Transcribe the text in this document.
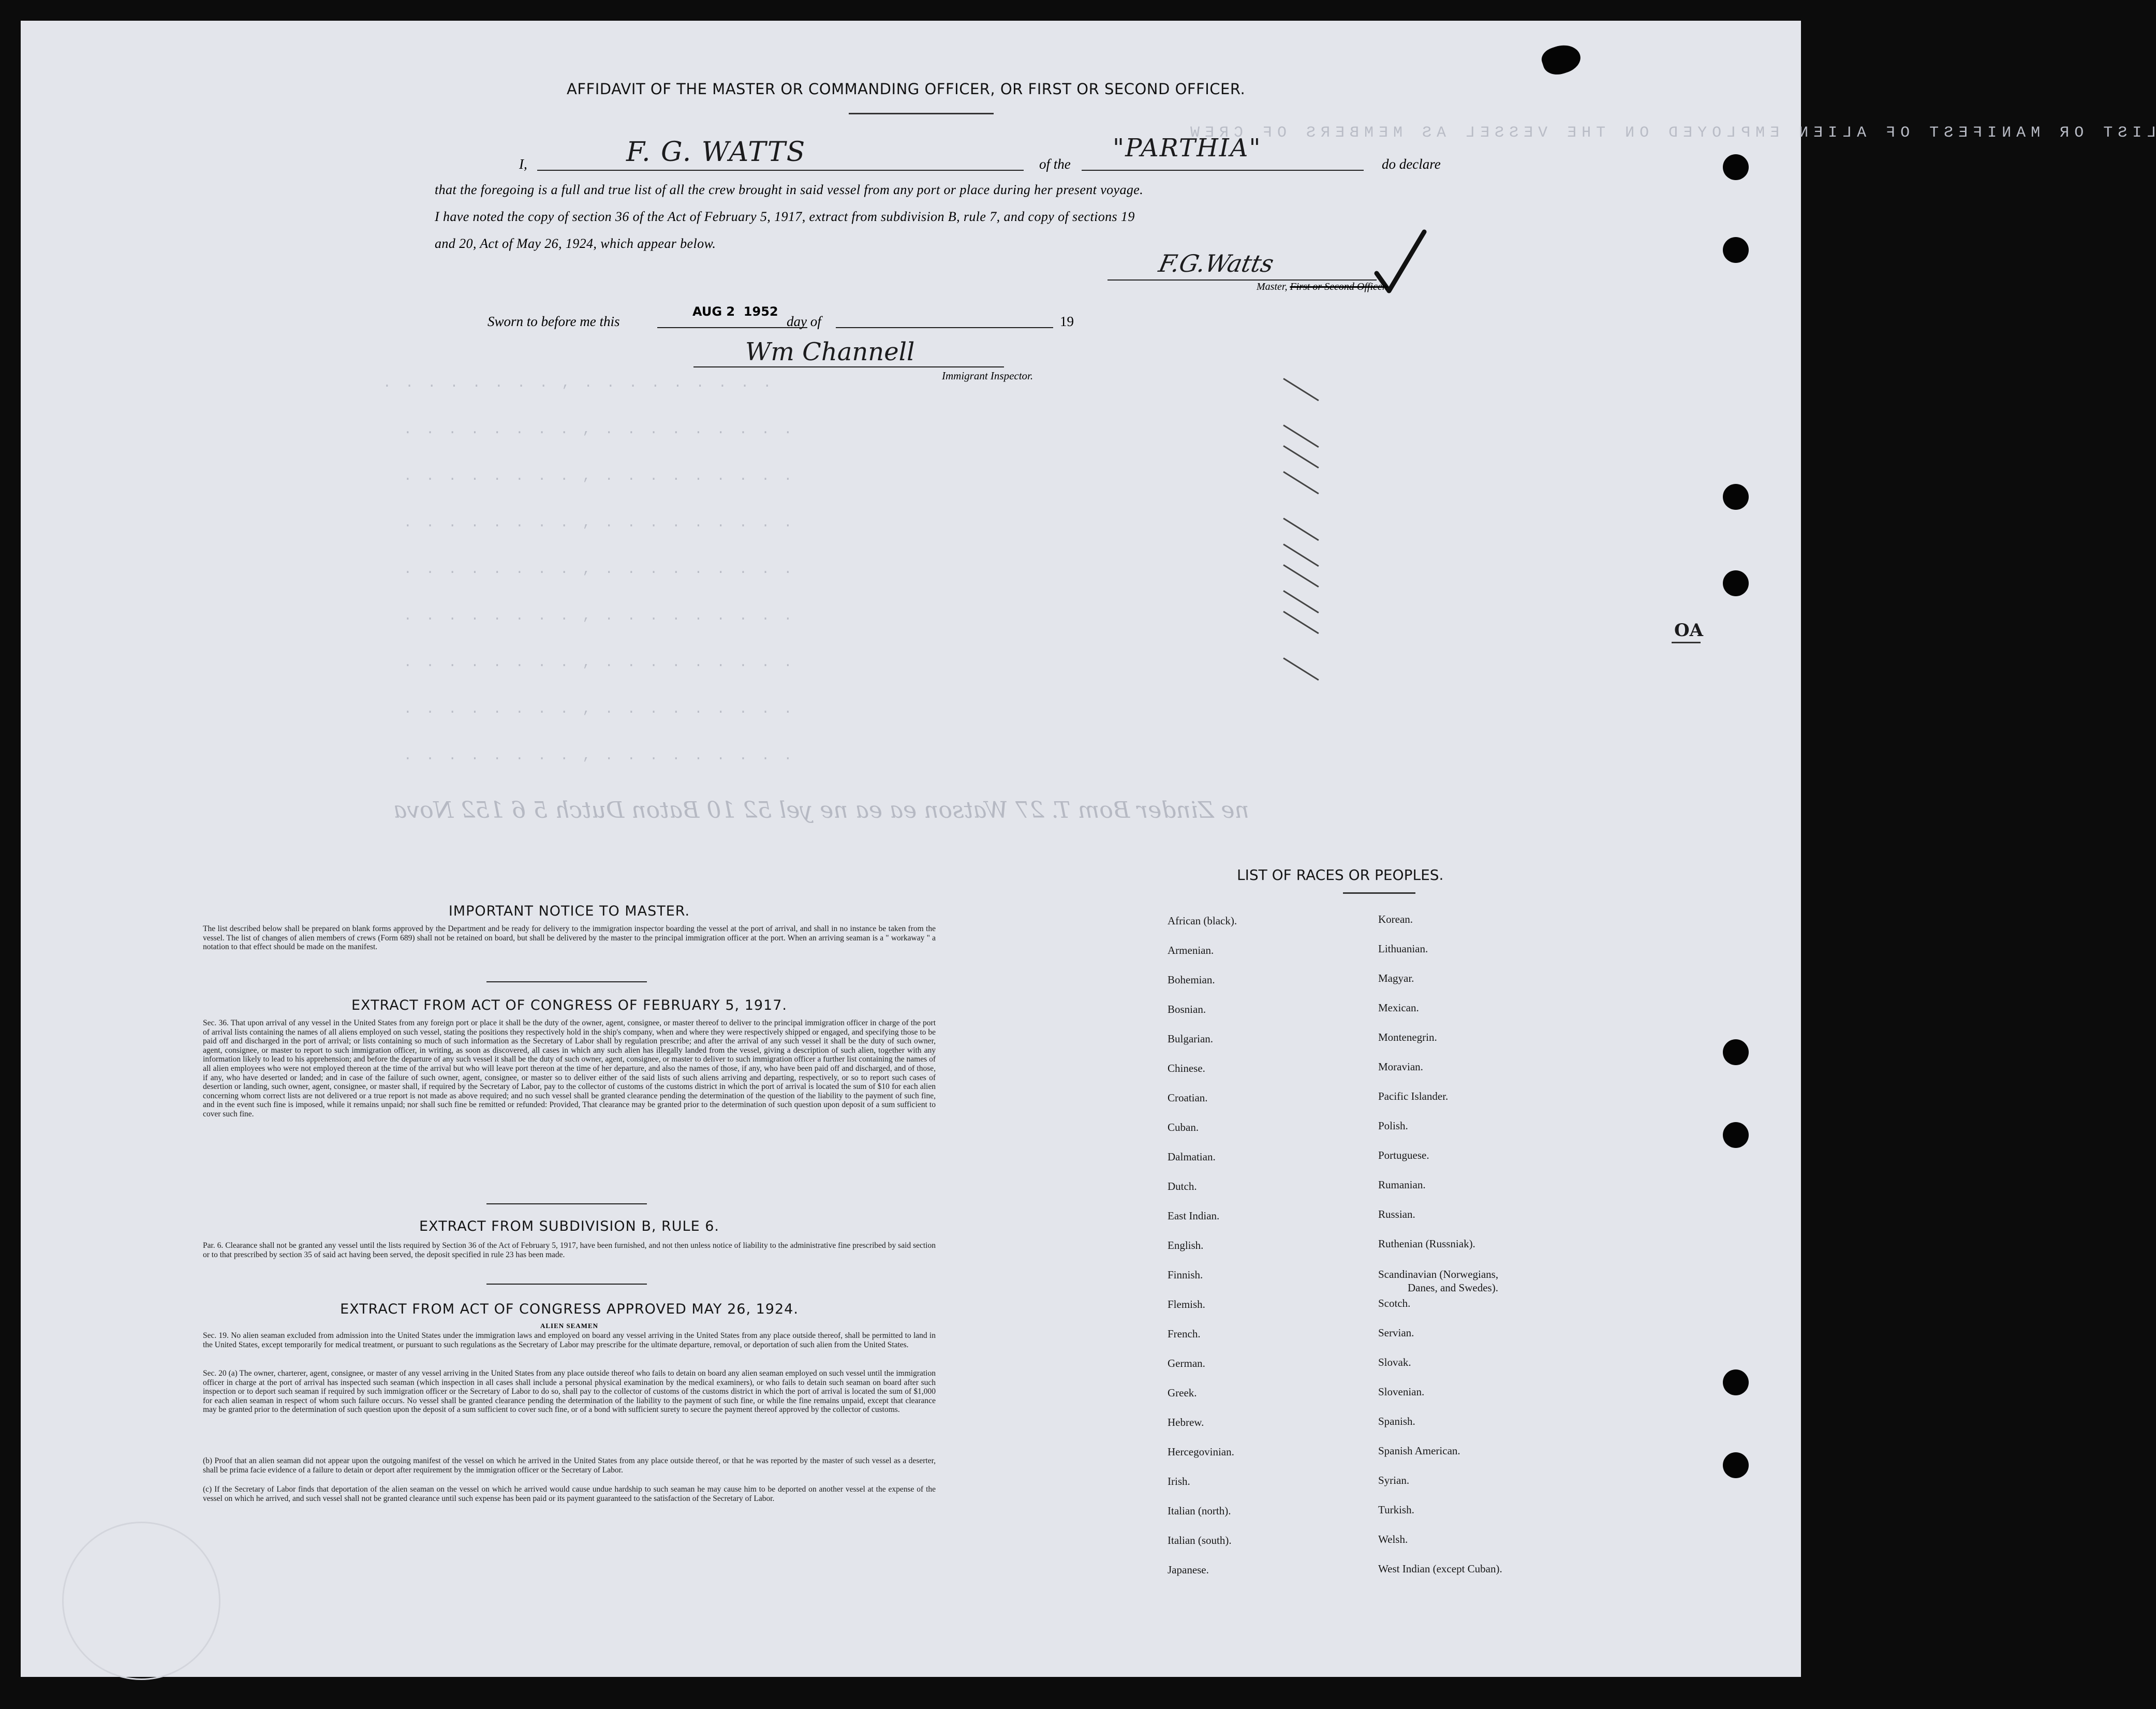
. . . . . . . . , . . . . . . . . .
. . . . . . . . , . . . . . . . . .
. . . . . . . . , . . . . . . . . .
. . . . . . . . , . . . . . . . . .
. . . . . . . . , . . . . . . . . .
. . . . . . . . , . . . . . . . . .
. . . . . . . . , . . . . . . . . .
. . . . . . . . , . . . . . . . . .
. . . . . . . . , . . . . . . . . .
LIST OR MANIFEST OF ALIEN EMPLOYED ON THE VESSEL AS MEMBERS OF CREW
ne Zinder Bom T. 27 Watson ea ea ne yel 52 10 Baton Dutch 5 6 152 Nova
OA
AFFIDAVIT OF THE MASTER OR COMMANDING OFFICER, OR FIRST OR SECOND OFFICER.
I,	F. G. WATTS	of the
"PARTHIA"
do declare
that the foregoing is a full and true list of all the crew brought in said vessel from any port or place during her present voyage.
I have noted the copy of section 36 of the Act of February 5, 1917, extract from subdivision B, rule 7, and copy of sections 19
and 20, Act of May 26, 1924, which appear below.
F.G.Watts
Master, First or Second Officer.
Sworn to before me this
AUG 2  1952
day of	19
Wm Channell
Immigrant Inspector.
IMPORTANT NOTICE TO MASTER.

The list described below shall be prepared on blank forms approved by the Department and be ready for delivery to the immigration inspector boarding the vessel at the port of arrival, and shall in no instance be taken from the vessel. The list of changes of alien members of crews (Form 689) shall not be retained on board, but shall be delivered by the master to the principal immigration officer at the port. When an arriving seaman is a " workaway " a notation to that effect should be made on the manifest.

EXTRACT FROM ACT OF CONGRESS OF FEBRUARY 5, 1917.

Sec. 36. That upon arrival of any vessel in the United States from any foreign port or place it shall be the duty of the owner, agent, consignee, or master thereof to deliver to the principal immigration officer in charge of the port of arrival lists containing the names of all aliens employed on such vessel, stating the positions they respectively hold in the ship's company, when and where they were respectively shipped or engaged, and specifying those to be paid off and discharged in the port of arrival; or lists containing so much of such information as the Secretary of Labor shall by regulation prescribe; and after the arrival of any such vessel it shall be the duty of such owner, agent, consignee, or master to report to such immigration officer, in writing, as soon as discovered, all cases in which any such alien has illegally landed from the vessel, giving a description of such alien, together with any information likely to lead to his apprehension; and before the departure of any such vessel it shall be the duty of such owner, agent, consignee, or master to deliver to such immigration officer a further list containing the names of all alien employees who were not employed thereon at the time of the arrival but who will leave port thereon at the time of her departure, and also the names of those, if any, who have been paid off and discharged, and of those, if any, who have deserted or landed; and in case of the failure of such owner, agent, consignee, or master so to deliver either of the said lists of such aliens arriving and departing, respectively, or so to report such cases of desertion or landing, such owner, agent, consignee, or master shall, if required by the Secretary of Labor, pay to the collector of customs of the customs district in which the port of arrival is located the sum of $10 for each alien concerning whom correct lists are not delivered or a true report is not made as above required; and no such vessel shall be granted clearance pending the determination of the question of the liability to the payment of such fine, and in the event such fine is imposed, while it remains unpaid; nor shall such fine be remitted or refunded: Provided, That clearance may be granted prior to the determination of such question upon deposit of a sum sufficient to cover such fine.

EXTRACT FROM SUBDIVISION B, RULE 6.

Par. 6. Clearance shall not be granted any vessel until the lists required by Section 36 of the Act of February 5, 1917, have been furnished, and not then unless notice of liability to the administrative fine prescribed by said section or to that prescribed by section 35 of said act having been served, the deposit specified in rule 23 has been made.

EXTRACT FROM ACT OF CONGRESS APPROVED MAY 26, 1924.
ALIEN SEAMEN

Sec. 19. No alien seaman excluded from admission into the United States under the immigration laws and employed on board any vessel arriving in the United States from any place outside thereof, shall be permitted to land in the United States, except temporarily for medical treatment, or pursuant to such regulations as the Secretary of Labor may prescribe for the ultimate departure, removal, or deportation of such alien from the United States.

Sec. 20 (a) The owner, charterer, agent, consignee, or master of any vessel arriving in the United States from any place outside thereof who fails to detain on board any alien seaman employed on such vessel until the immigration officer in charge at the port of arrival has inspected such seaman (which inspection in all cases shall include a personal physical examination by the medical examiners), or who fails to detain such seaman on board after such inspection or to deport such seaman if required by such immigration officer or the Secretary of Labor to do so, shall pay to the collector of customs of the customs district in which the port of arrival is located the sum of $1,000 for each alien seaman in respect of whom such failure occurs. No vessel shall be granted clearance pending the determination of the liability to the payment of such fine, or while the fine remains unpaid, except that clearance may be granted prior to the determination of such question upon the deposit of a sum sufficient to cover such fine, or of a bond with sufficient surety to secure the payment thereof approved by the collector of customs.

(b) Proof that an alien seaman did not appear upon the outgoing manifest of the vessel on which he arrived in the United States from any place outside thereof, or that he was reported by the master of such vessel as a deserter, shall be prima facie evidence of a failure to detain or deport after requirement by the immigration officer or the Secretary of Labor.

(c) If the Secretary of Labor finds that deportation of the alien seaman on the vessel on which he arrived would cause undue hardship to such seaman he may cause him to be deported on another vessel at the expense of the vessel on which he arrived, and such vessel shall not be granted clearance until such expense has been paid or its payment guaranteed to the satisfaction of the Secretary of Labor.

LIST OF RACES OR PEOPLES.
African (black).
Armenian.
Bohemian.
Bosnian.
Bulgarian.
Chinese.
Croatian.
Cuban.
Dalmatian.
Dutch.
East Indian.
English.
Finnish.
Flemish.
French.
German.
Greek.
Hebrew.
Hercegovinian.
Irish.
Italian (north).
Italian (south).
Japanese.
Korean.
Lithuanian.
Magyar.
Mexican.
Montenegrin.
Moravian.
Pacific Islander.
Polish.
Portuguese.
Rumanian.
Russian.
Ruthenian (Russniak).
Scandinavian (Norwegians,
Danes, and Swedes).
Scotch.
Servian.
Slovak.
Slovenian.
Spanish.
Spanish American.
Syrian.
Turkish.
Welsh.
West Indian (except Cuban).
